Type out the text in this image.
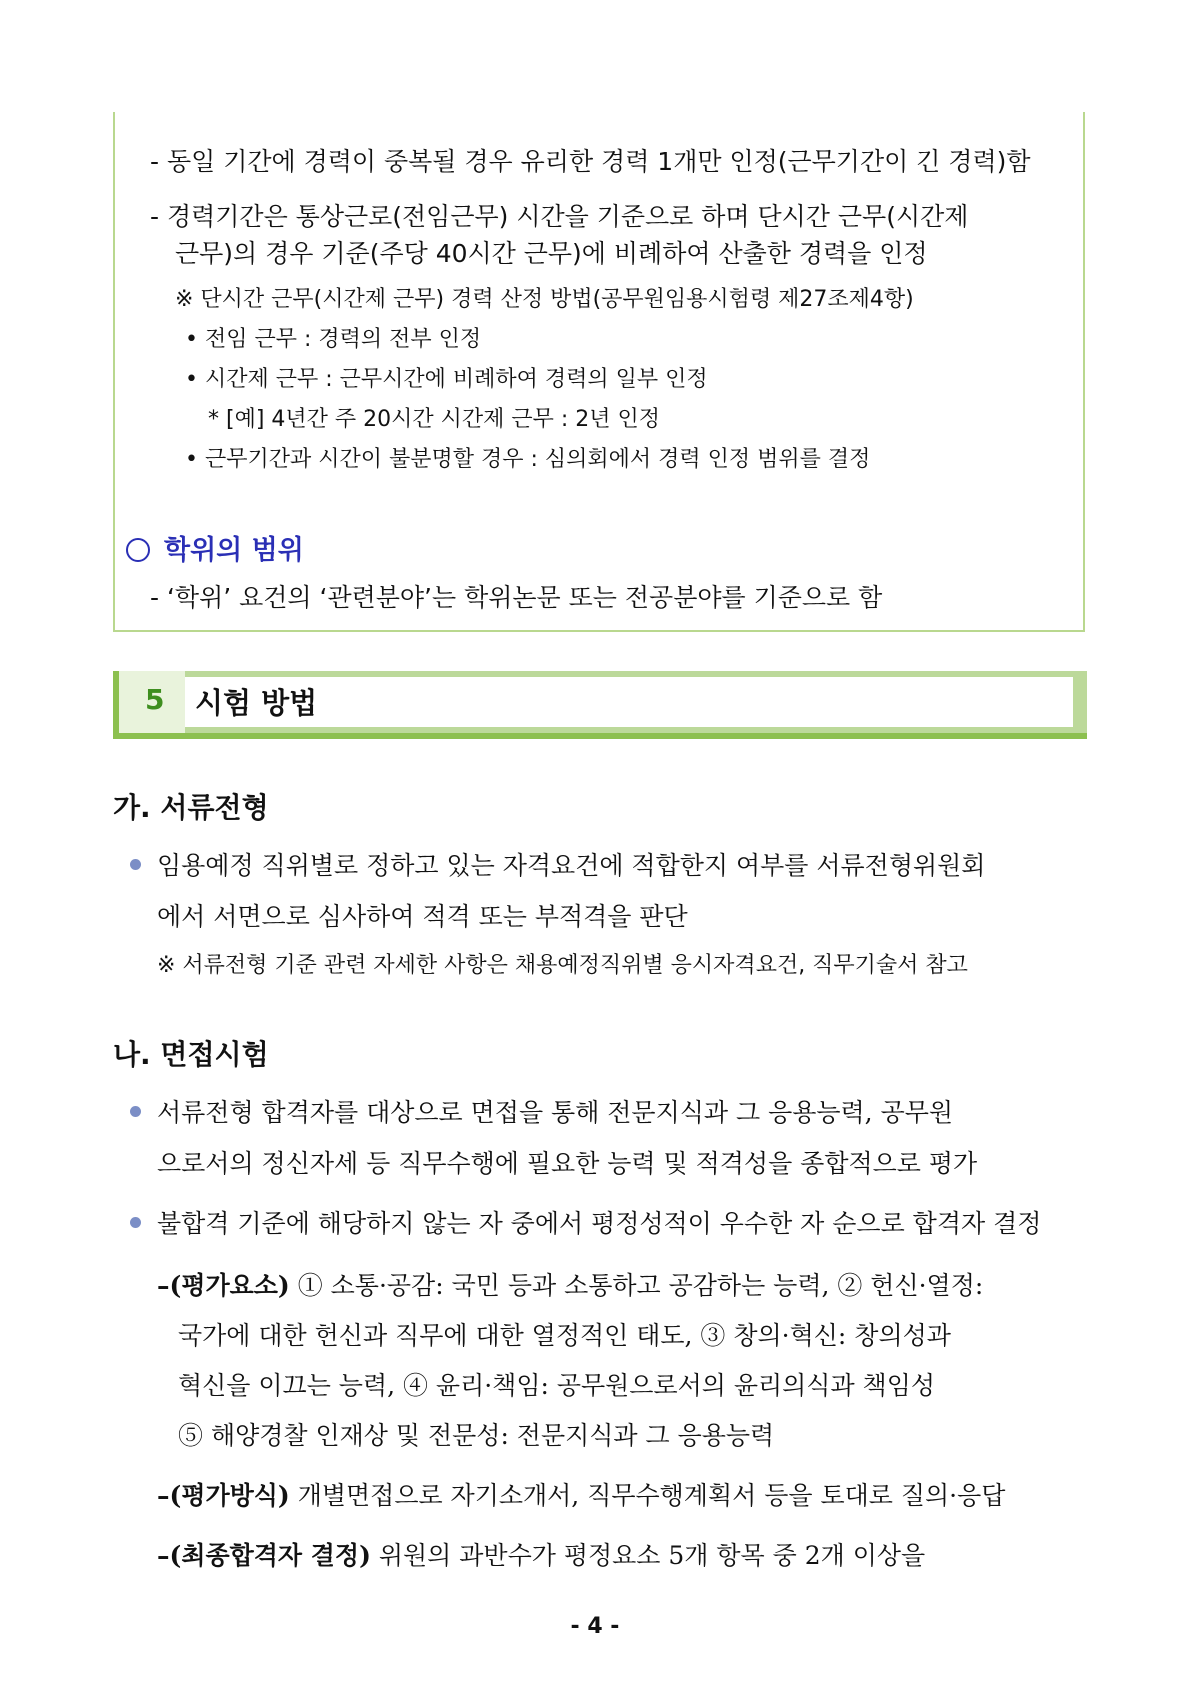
- 동일 기간에 경력이 중복될 경우 유리한 경력 1개만 인정(근무기간이 긴 경력)함
- 경력기간은 통상근로(전임근무) 시간을 기준으로 하며 단시간 근무(시간제
근무)의 경우 기준(주당 40시간 근무)에 비례하여 산출한 경력을 인정
※ 단시간 근무(시간제 근무) 경력 산정 방법(공무원임용시험령 제27조제4항)
• 전임 근무 : 경력의 전부 인정
• 시간제 근무 : 근무시간에 비례하여 경력의 일부 인정
* [예] 4년간 주 20시간 시간제 근무 : 2년 인정
• 근무기간과 시간이 불분명할 경우 : 심의회에서 경력 인정 범위를 결정
학위의 범위
- ‘학위’ 요건의 ‘관련분야’는 학위논문 또는 전공분야를 기준으로 함
5 시험 방법
가. 서류전형
임용예정 직위별로 정하고 있는 자격요건에 적합한지 여부를 서류전형위원회
에서 서면으로 심사하여 적격 또는 부적격을 판단
※ 서류전형 기준 관련 자세한 사항은 채용예정직위별 응시자격요건, 직무기술서 참고
나. 면접시험
서류전형 합격자를 대상으로 면접을 통해 전문지식과 그 응용능력, 공무원
으로서의 정신자세 등 직무수행에 필요한 능력 및 적격성을 종합적으로 평가
불합격 기준에 해당하지 않는 자 중에서 평정성적이 우수한 자 순으로 합격자 결정
–(평가요소) ① 소통·공감: 국민 등과 소통하고 공감하는 능력, ② 헌신·열정:
국가에 대한 헌신과 직무에 대한 열정적인 태도, ③ 창의·혁신: 창의성과
혁신을 이끄는 능력, ④ 윤리·책임: 공무원으로서의 윤리의식과 책임성
⑤ 해양경찰 인재상 및 전문성: 전문지식과 그 응용능력
–(평가방식) 개별면접으로 자기소개서, 직무수행계획서 등을 토대로 질의·응답
–(최종합격자 결정) 위원의 과반수가 평정요소 5개 항목 중 2개 이상을
- 4 -
